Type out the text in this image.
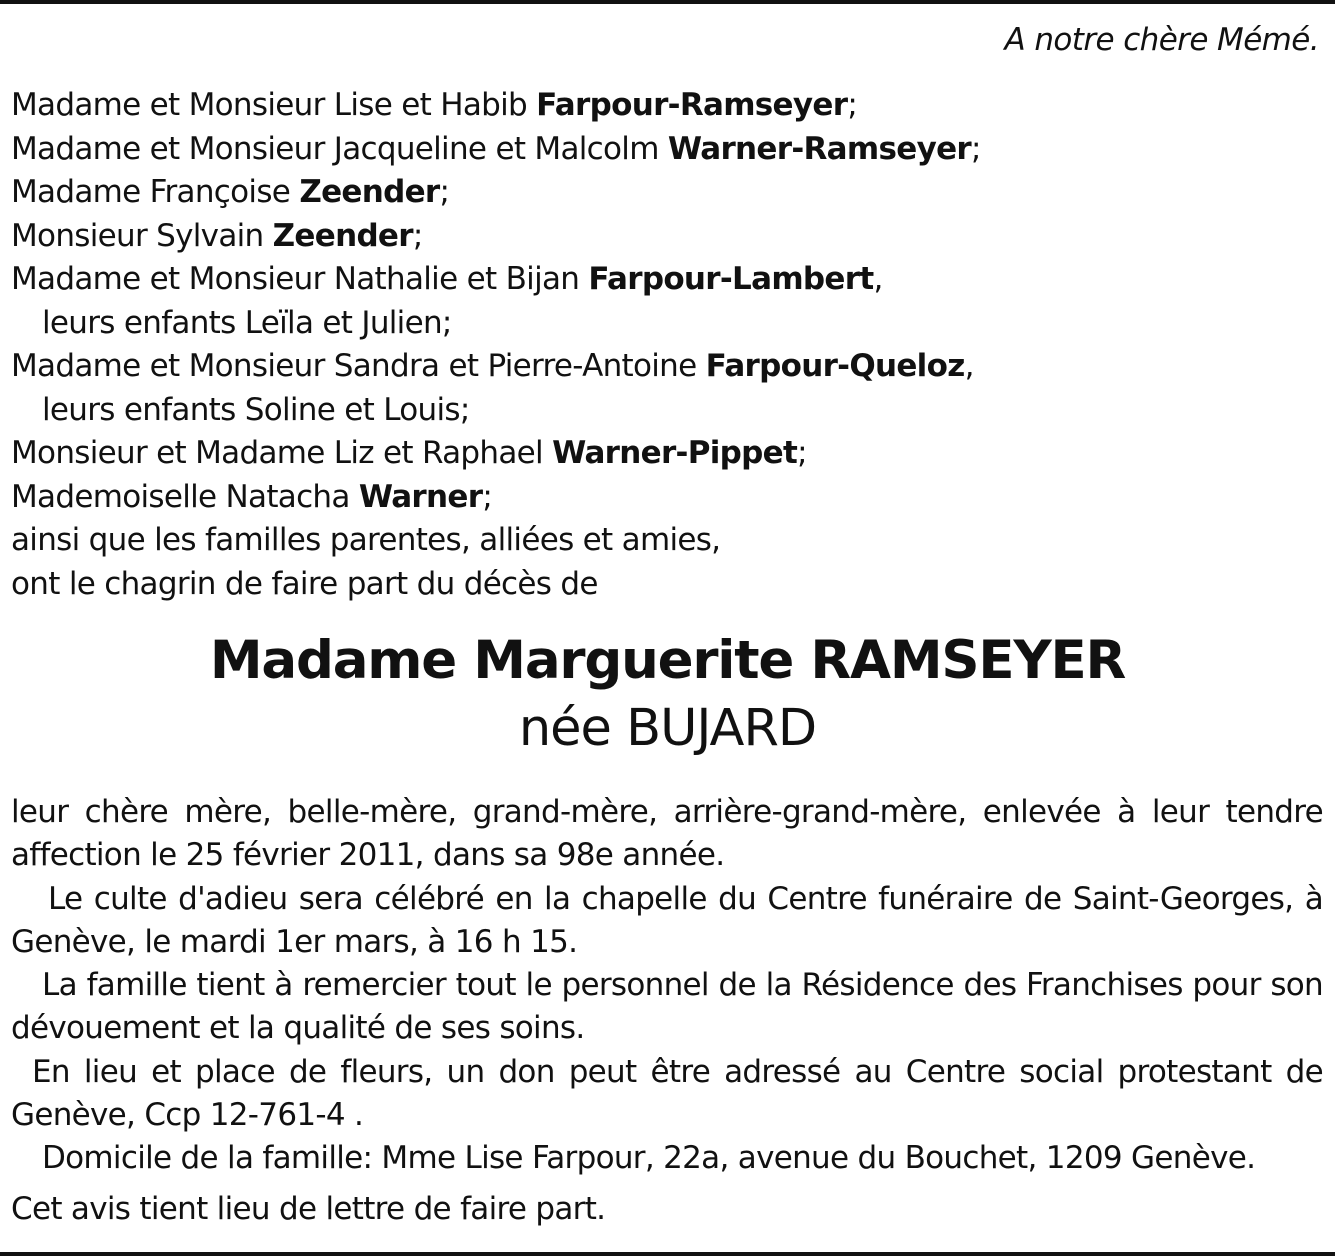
A notre chère Mémé.
Madame et Monsieur Lise et Habib Farpour-Ramseyer;
Madame et Monsieur Jacqueline et Malcolm Warner-Ramseyer;
Madame Françoise Zeender;
Monsieur Sylvain Zeender;
Madame et Monsieur Nathalie et Bijan Farpour-Lambert,
leurs enfants Leïla et Julien;
Madame et Monsieur Sandra et Pierre-Antoine Farpour-Queloz,
leurs enfants Soline et Louis;
Monsieur et Madame Liz et Raphael Warner-Pippet;
Mademoiselle Natacha Warner;
ainsi que les familles parentes, alliées et amies,
ont le chagrin de faire part du décès de
Madame Marguerite RAMSEYER
née BUJARD

leur chère mère, belle-mère, grand-mère, arrière-grand-mère, enlevée à leur tendre affection le 25 février 2011, dans sa 98e année.

Le culte d'adieu sera célébré en la chapelle du Centre funéraire de Saint-Georges, à Genève, le mardi 1er mars, à 16 h 15.

La famille tient à remercier tout le personnel de la Résidence des Franchises pour son dévouement et la qualité de ses soins.

En lieu et place de fleurs, un don peut être adressé au Centre social protestant de Genève, Ccp 12-761-4 .

Domicile de la famille: Mme Lise Farpour, 22a, avenue du Bouchet, 1209 Genève.

Cet avis tient lieu de lettre de faire part.
